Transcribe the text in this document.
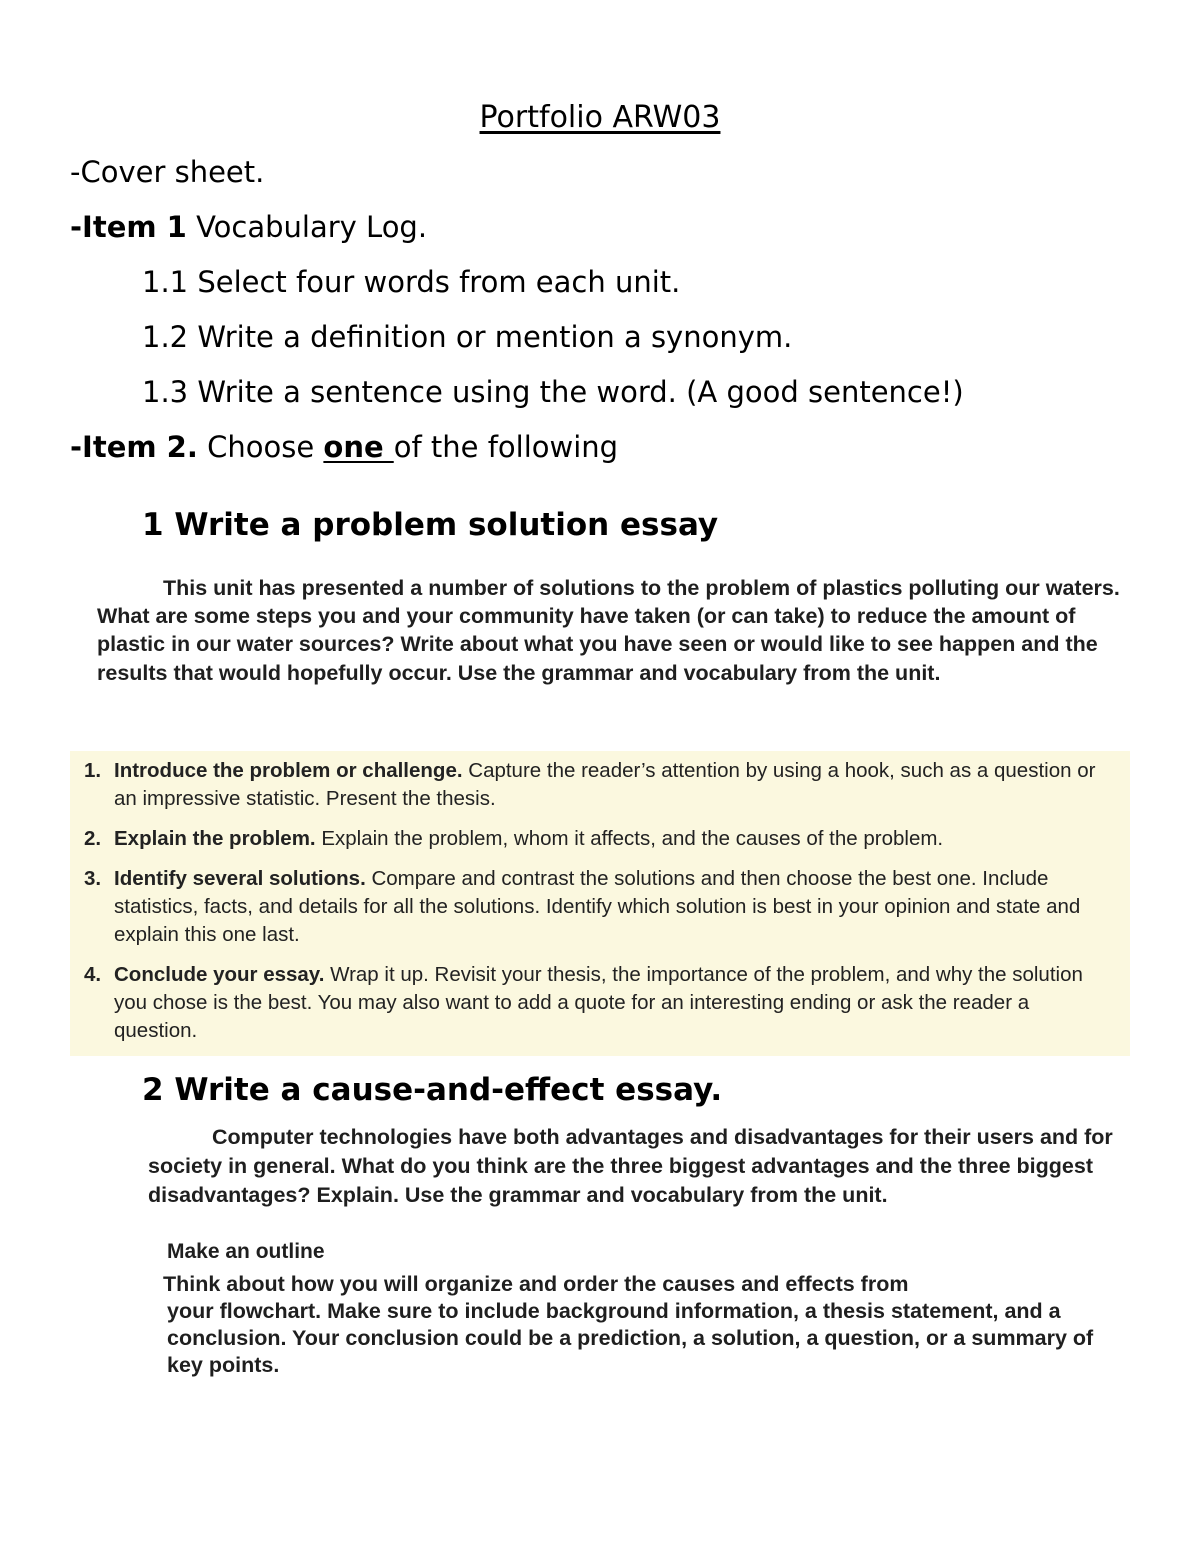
Portfolio ARW03
-Cover sheet.
-Item 1 Vocabulary Log.
1.1 Select four words from each unit.
1.2 Write a definition or mention a synonym.
1.3 Write a sentence using the word. (A good sentence!)
-Item 2. Choose one of the following
1 Write a problem solution essay
This unit has presented a number of solutions to the problem of plastics polluting our waters. What are some steps you and your community have taken (or can take) to reduce the amount of plastic in our water sources? Write about what you have seen or would like to see happen and the results that would hopefully occur. Use the grammar and vocabulary from the unit.
1. Introduce the problem or challenge. Capture the reader’s attention by using a hook, such as a question or an impressive statistic. Present the thesis.
2. Explain the problem. Explain the problem, whom it affects, and the causes of the problem.
3. Identify several solutions. Compare and contrast the solutions and then choose the best one. Include statistics, facts, and details for all the solutions. Identify which solution is best in your opinion and state and explain this one last.
4. Conclude your essay. Wrap it up. Revisit your thesis, the importance of the problem, and why the solution you chose is the best. You may also want to add a quote for an interesting ending or ask the reader a question.
2 Write a cause-and-effect essay.
Computer technologies have both advantages and disadvantages for their users and for society in general. What do you think are the three biggest advantages and the three biggest disadvantages? Explain. Use the grammar and vocabulary from the unit.
Make an outline
Think about how you will organize and order the causes and effects from
your flowchart. Make sure to include background information, a thesis statement, and a
conclusion. Your conclusion could be a prediction, a solution, a question, or a summary of
key points.
